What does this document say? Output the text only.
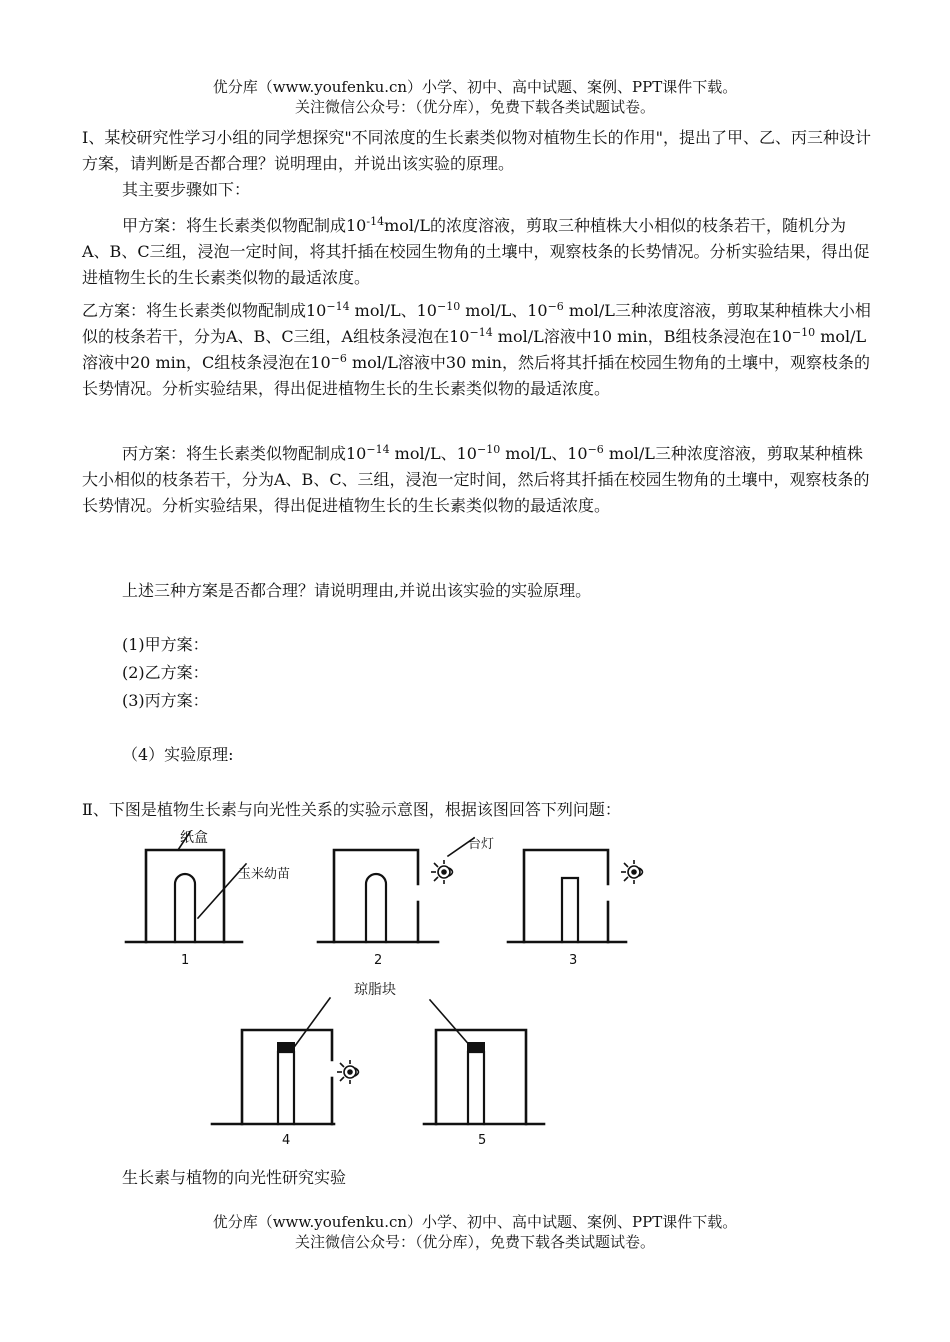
优分库（www.youfenku.cn）小学、初中、高中试题、案例、PPT课件下载。
关注微信公众号：（优分库），免费下载各类试题试卷。
Ⅰ、某校研究性学习小组的同学想探究"不同浓度的生长素类似物对植物生长的作用"，提出了甲、乙、丙三种设计方案，请判断是否都合理？说明理由，并说出该实验的原理。
其主要步骤如下：
甲方案：将生长素类似物配制成$10^{-14}mol/L$的浓度溶液，剪取三种植株大小相似的枝条若干，随机分为A、B、C三组，浸泡一定时间，将其扦插在校园生物角的土壤中，观察枝条的长势情况。分析实验结果，得出促进植物生长的生长素类似物的最适浓度。
乙方案：将生长素类似物配制成$10^{-14}$ mol/L、$10^{-10}$ mol/L、$10^{-6}$ mol/L三种浓度溶液，剪取某种植株大小相似的枝条若干，分为A、B、C三组，A组枝条浸泡在$10^{-14}$ mol/L溶液中10 min，B组枝条浸泡在$10^{-10}$ mol/L溶液中20 min，C组枝条浸泡在$10^{-6}$ mol/L溶液中30 min，然后将其扦插在校园生物角的土壤中，观察枝条的长势情况。分析实验结果，得出促进植物生长的生长素类似物的最适浓度。
丙方案：将生长素类似物配制成$10^{-14}$ mol/L、$10^{-10}$ mol/L、$10^{-6}$ mol/L三种浓度溶液，剪取某种植株大小相似的枝条若干，分为A、B、C、三组，浸泡一定时间，然后将其扦插在校园生物角的土壤中，观察枝条的长势情况。分析实验结果，得出促进植物生长的生长素类似物的最适浓度。
上述三种方案是否都合理？请说明理由,并说出该实验的实验原理。
(1)甲方案：
(2)乙方案：
(3)丙方案：
（4）实验原理:
Ⅱ、下图是植物生长素与向光性关系的实验示意图，根据该图回答下列问题：
纸盒
玉米幼苗
台灯
琼脂块
1	2	3
4	5
生长素与植物的向光性研究实验
优分库（www.youfenku.cn）小学、初中、高中试题、案例、PPT课件下载。
关注微信公众号：（优分库），免费下载各类试题试卷。
